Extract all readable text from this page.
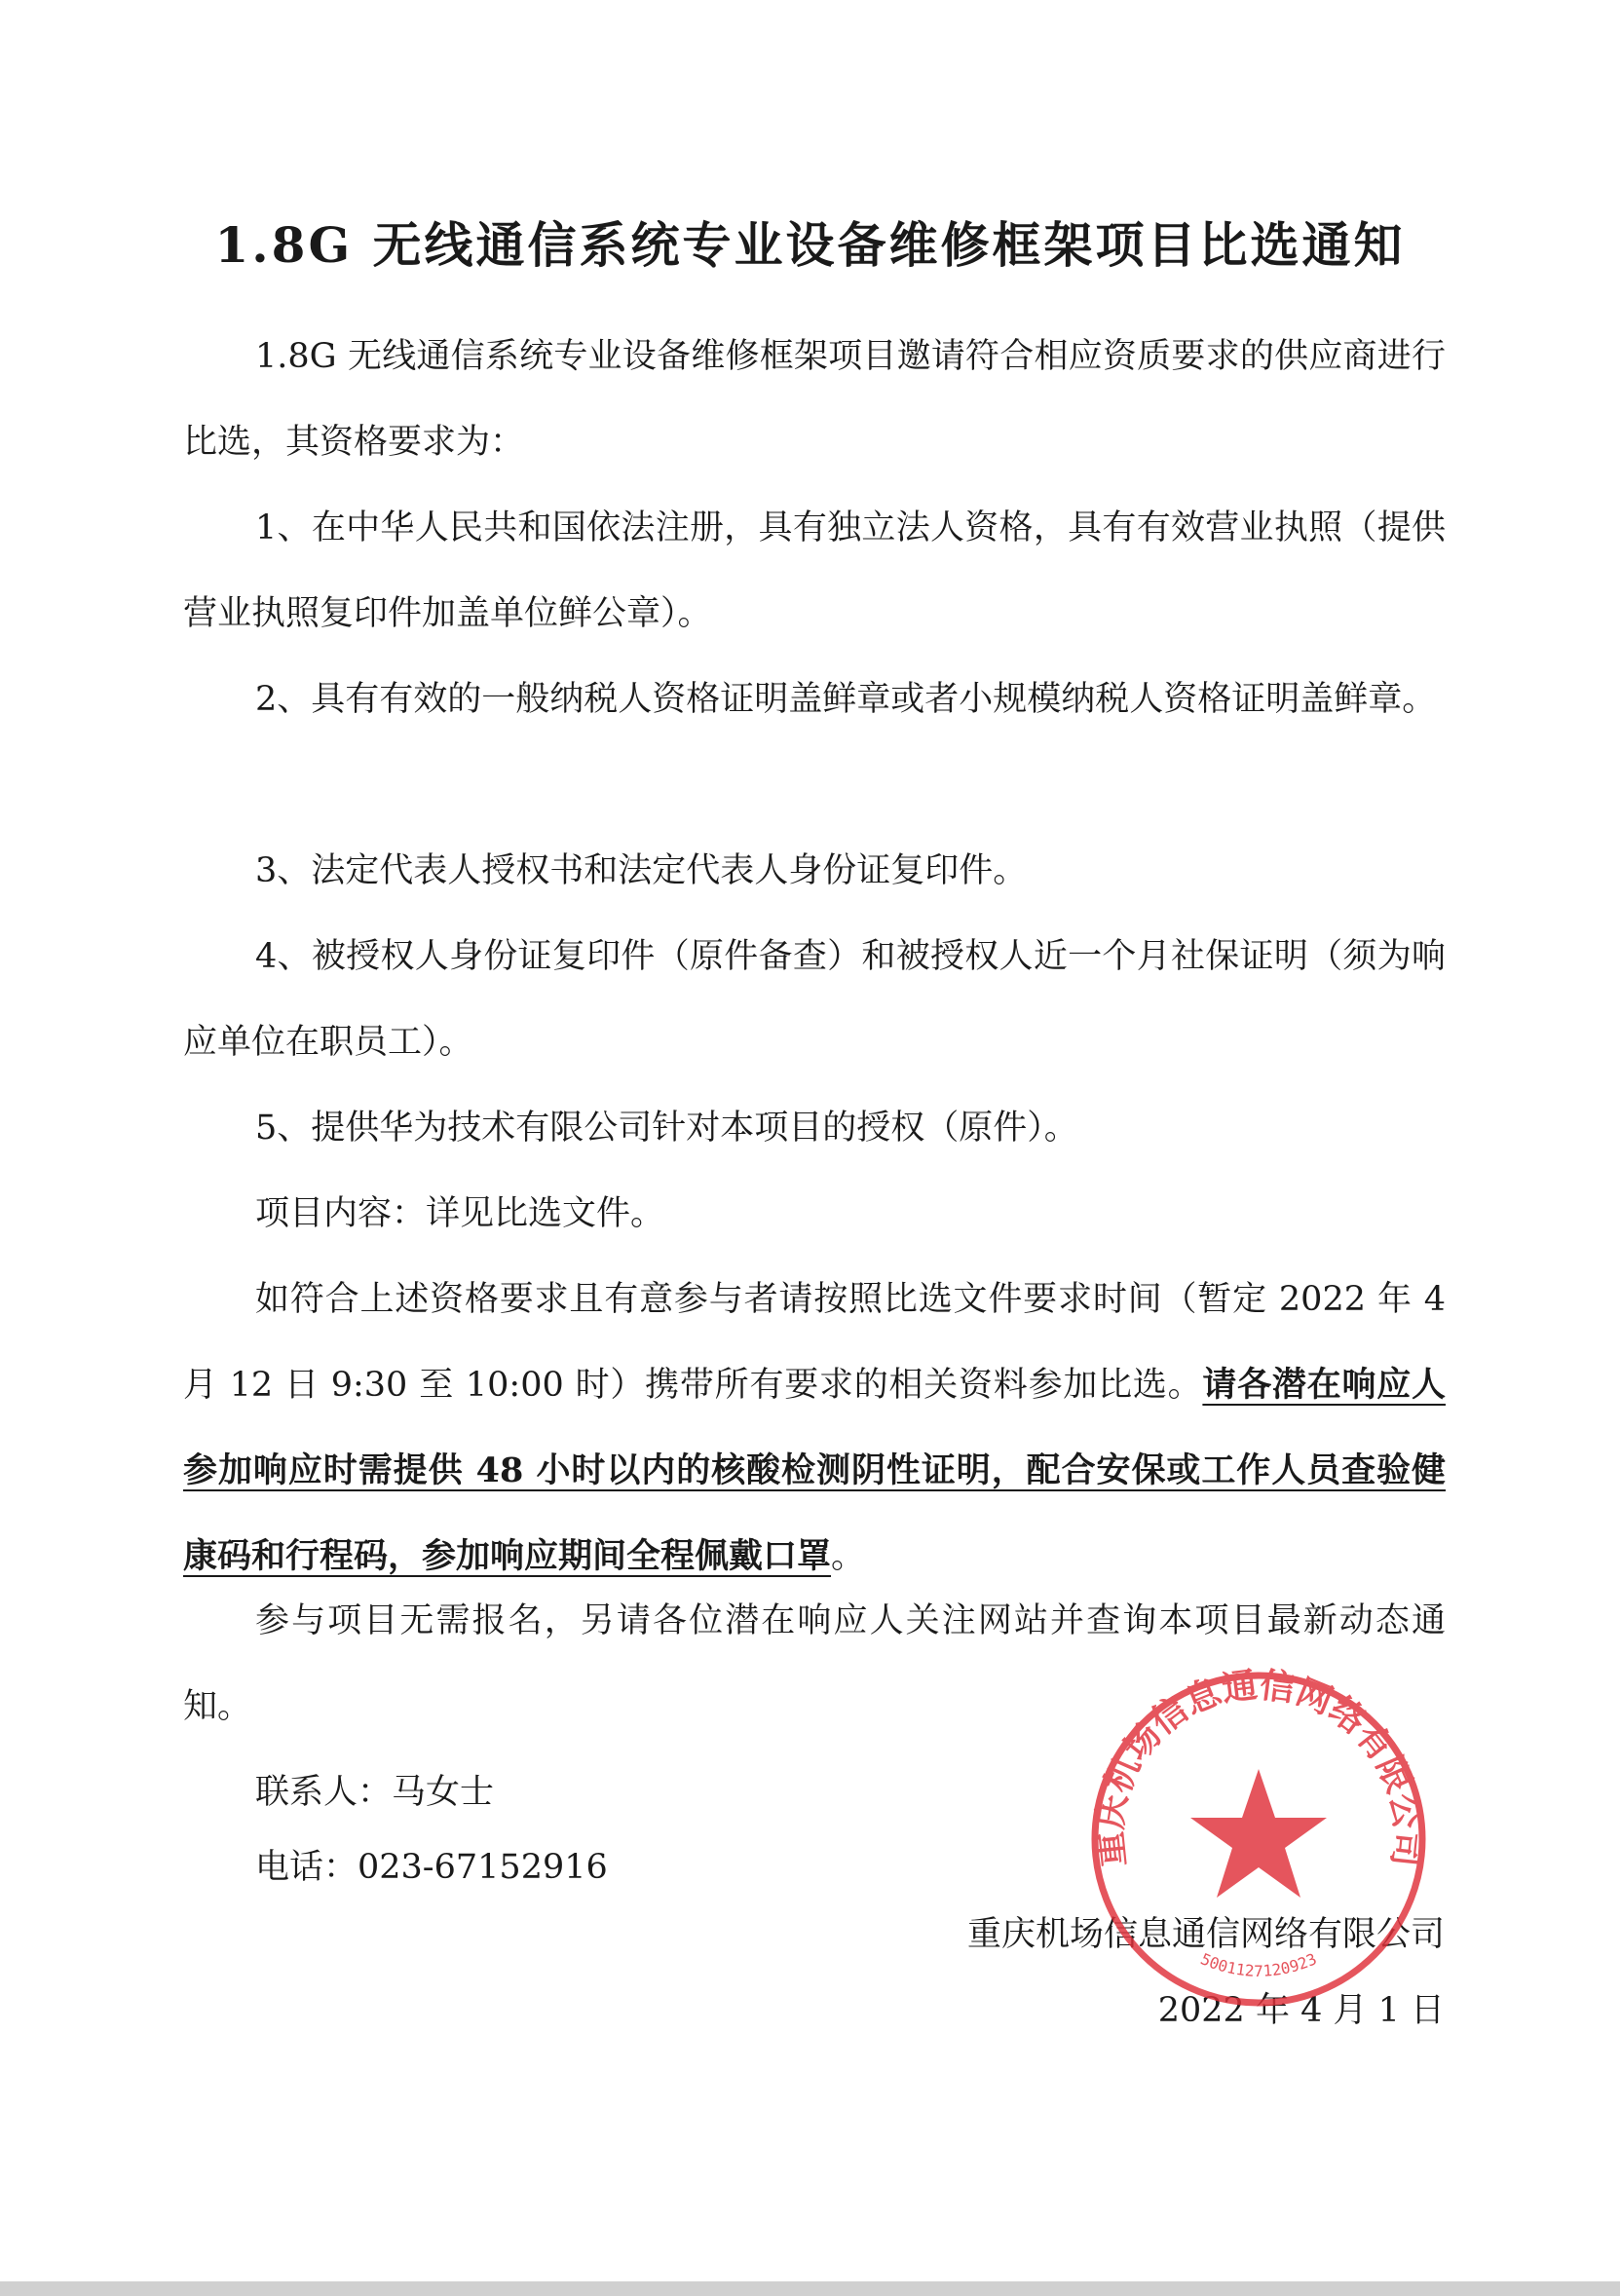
1.8G 无线通信系统专业设备维修框架项目比选通知

1.8G 无线通信系统专业设备维修框架项目邀请符合相应资质要求的供应商进行比选，其资格要求为：

1、在中华人民共和国依法注册，具有独立法人资格，具有有效营业执照（提供营业执照复印件加盖单位鲜公章）。

2、具有有效的一般纳税人资格证明盖鲜章或者小规模纳税人资格证明盖鲜章。

3、法定代表人授权书和法定代表人身份证复印件。

4、被授权人身份证复印件（原件备查）和被授权人近一个月社保证明（须为响应单位在职员工）。

5、提供华为技术有限公司针对本项目的授权（原件）。

项目内容：详见比选文件。

如符合上述资格要求且有意参与者请按照比选文件要求时间（暂定 2022 年 4 月 12 日 9:30 至 10:00 时）携带所有要求的相关资料参加比选。请各潜在响应人参加响应时需提供 48 小时以内的核酸检测阴性证明，配合安保或工作人员查验健康码和行程码，参加响应期间全程佩戴口罩。

参与项目无需报名，另请各位潜在响应人关注网站并查询本项目最新动态通知。

联系人：马女士

电话：023-67152916

重庆机场信息通信网络有限公司
2022 年 4 月 1 日
重庆机场信息通信网络有限公司
5001127120923
